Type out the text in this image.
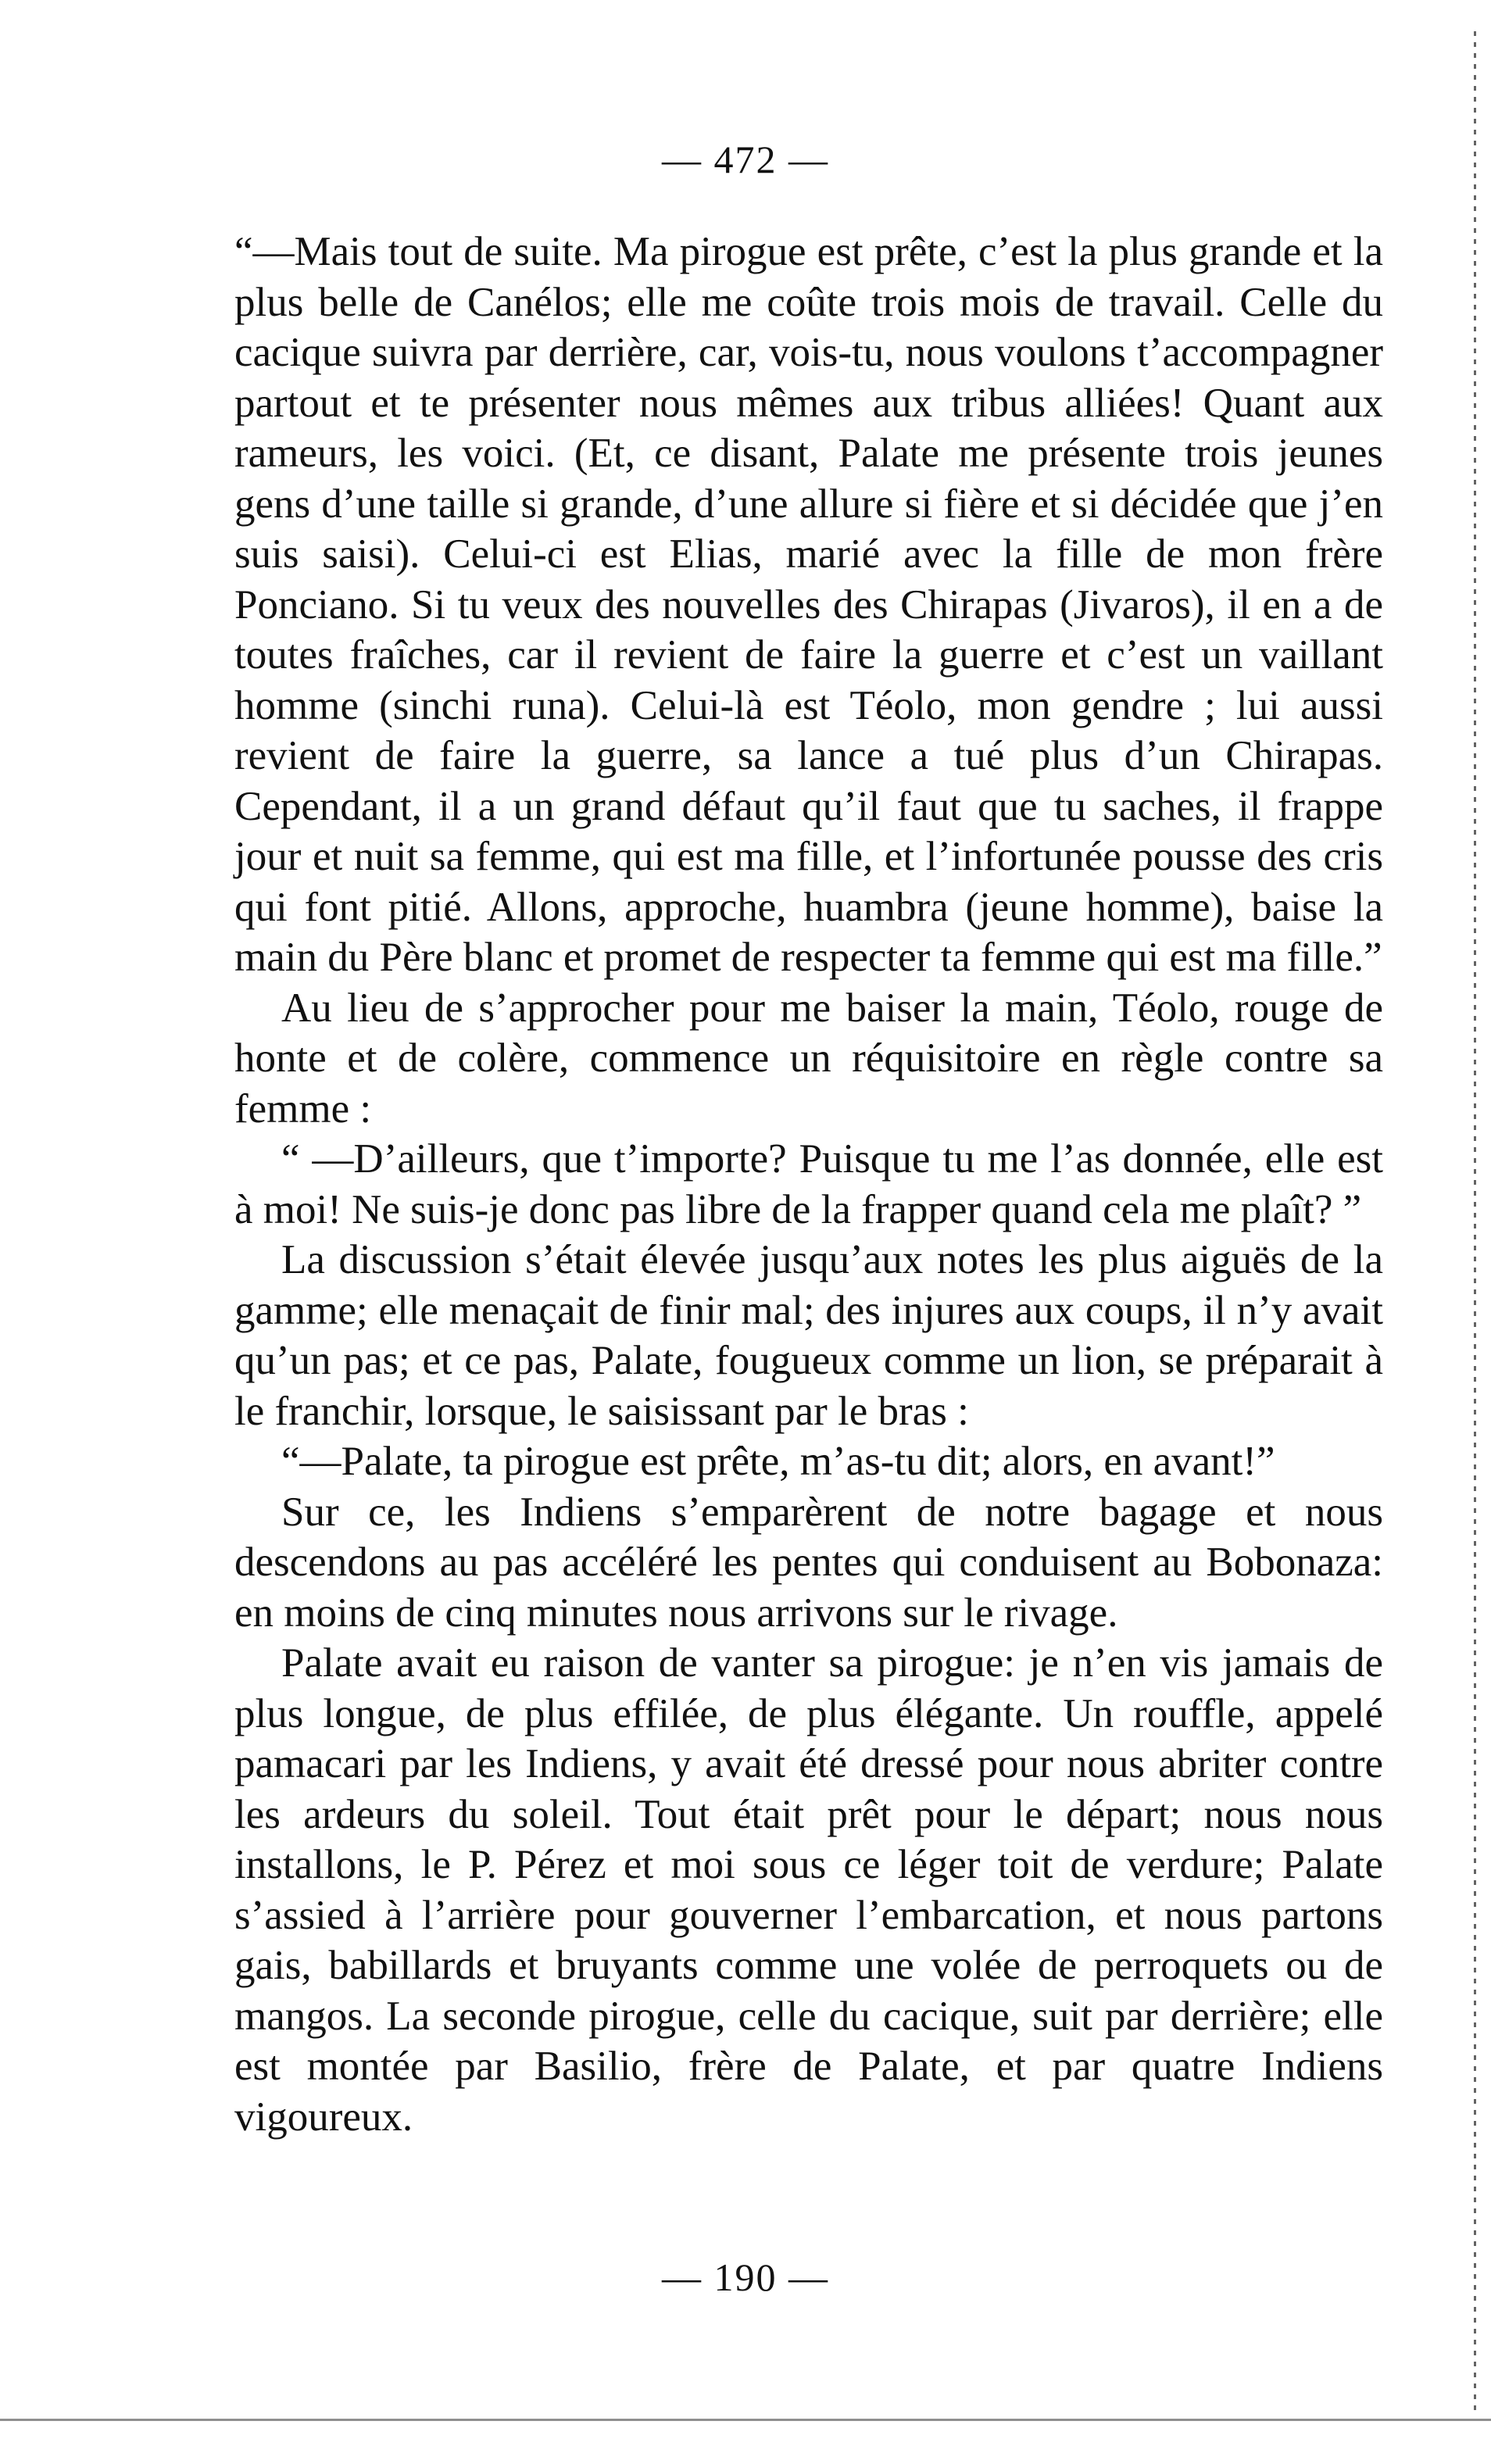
— 472 —

“—Mais tout de suite. Ma pirogue est prête, c’est la plus grande et la plus belle de Canélos; elle me coûte trois mois de travail. Celle du cacique suivra par derrière, car, vois-tu, nous voulons t’accompagner partout et te présenter nous mêmes aux tribus alliées! Quant aux rameurs, les voici. (Et, ce disant, Palate me présente trois jeunes gens d’une taille si grande, d’une allure si fière et si décidée que j’en suis saisi). Celui-ci est Elias, marié avec la fille de mon frère Ponciano. Si tu veux des nouvelles des Chirapas (Jivaros), il en a de toutes fraîches, car il revient de faire la guerre et c’est un vaillant homme (sinchi runa). Celui-là est Téolo, mon gendre ; lui aussi revient de faire la guerre, sa lance a tué plus d’un Chirapas. Cependant, il a un grand défaut qu’il faut que tu saches, il frappe jour et nuit sa femme, qui est ma fille, et l’infortunée pousse des cris qui font pitié. Allons, approche, huambra (jeune homme), baise la main du Père blanc et promet de respecter ta femme qui est ma fille.”

Au lieu de s’approcher pour me baiser la main, Téolo, rouge de honte et de colère, commence un réquisitoire en règle contre sa femme :

“ —D’ailleurs, que t’importe? Puisque tu me l’as donnée, elle est à moi! Ne suis-je donc pas libre de la frapper quand cela me plaît? ”

La discussion s’était élevée jusqu’aux notes les plus aiguës de la gamme; elle menaçait de finir mal; des injures aux coups, il n’y avait qu’un pas; et ce pas, Palate, fougueux comme un lion, se préparait à le franchir, lorsque, le saisissant par le bras :

“—Palate, ta pirogue est prête, m’as-tu dit; alors, en avant!”

Sur ce, les Indiens s’emparèrent de notre bagage et nous descendons au pas accéléré les pentes qui conduisent au Bobonaza: en moins de cinq minutes nous arrivons sur le rivage.

Palate avait eu raison de vanter sa pirogue: je n’en vis jamais de plus longue, de plus effilée, de plus élégante. Un rouffle, appelé pamacari par les Indiens, y avait été dressé pour nous abriter contre les ardeurs du soleil. Tout était prêt pour le départ; nous nous installons, le P. Pérez et moi sous ce léger toit de verdure; Palate s’assied à l’arrière pour gouverner l’embarcation, et nous partons gais, babillards et bruyants comme une volée de perroquets ou de mangos. La seconde pirogue, celle du cacique, suit par derrière; elle est montée par Basilio, frère de Palate, et par quatre Indiens vigoureux.

— 190 —
